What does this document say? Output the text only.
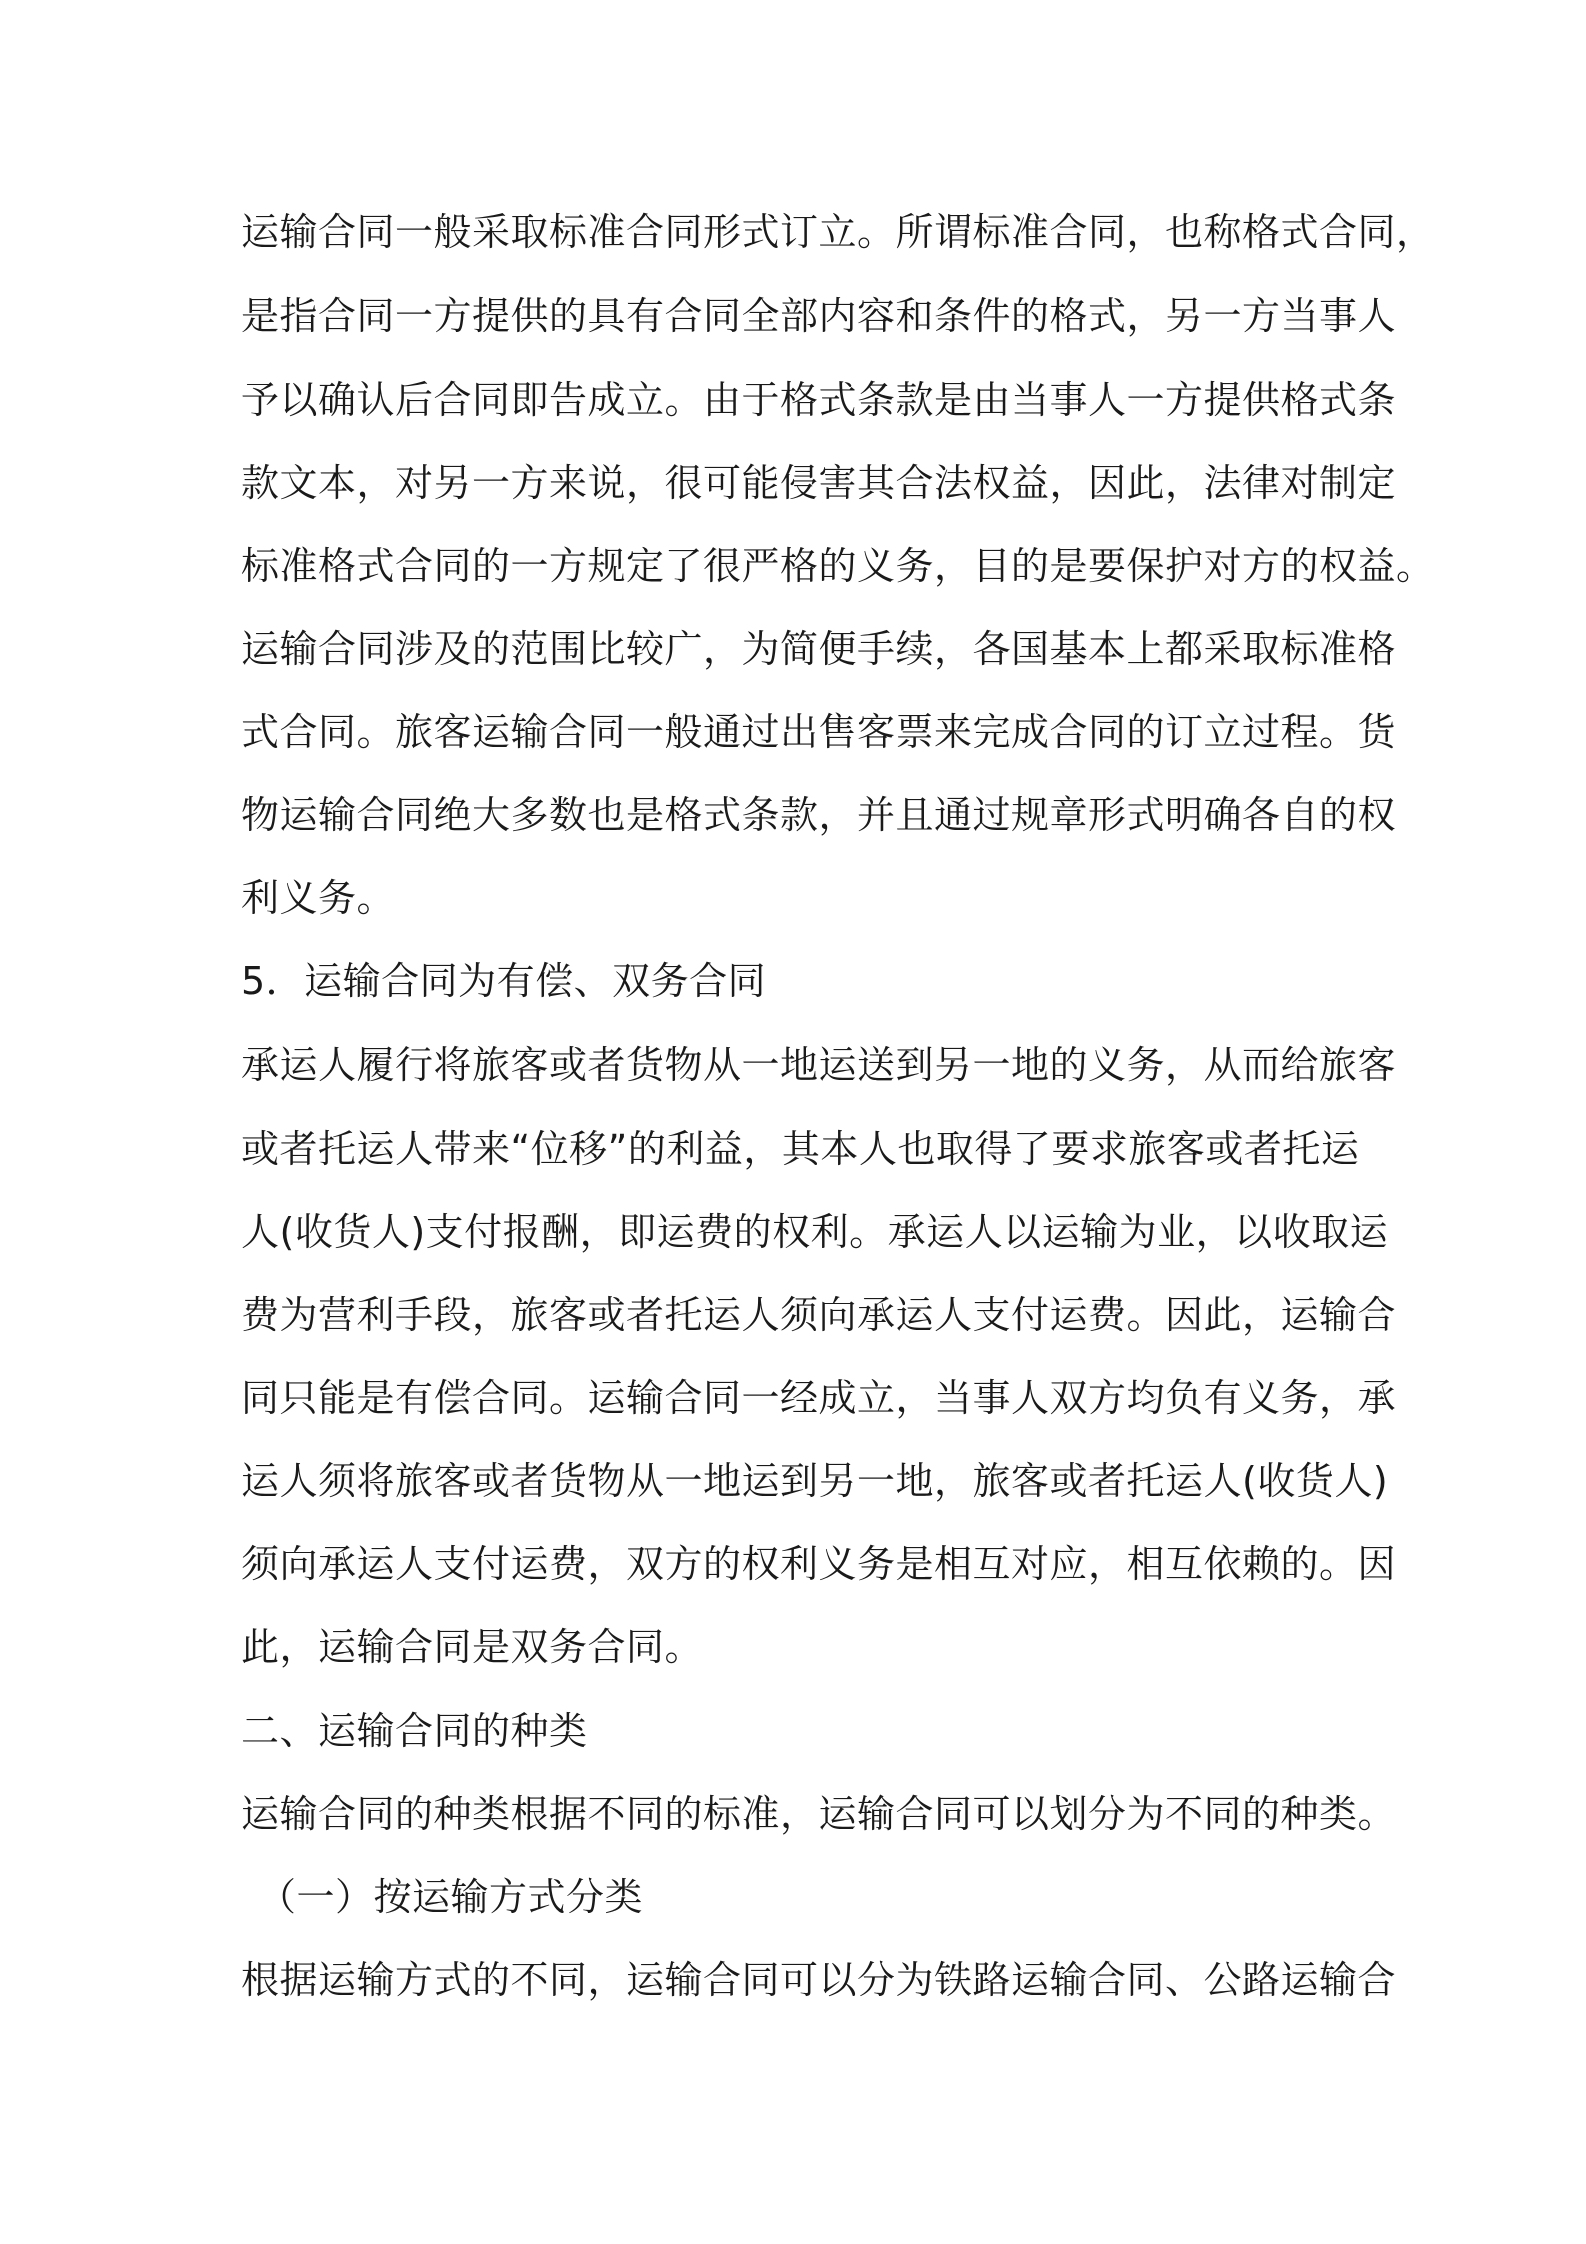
运输合同一般采取标准合同形式订立。所谓标准合同，也称格式合同，
是指合同一方提供的具有合同全部内容和条件的格式，另一方当事人
予以确认后合同即告成立。由于格式条款是由当事人一方提供格式条
款文本，对另一方来说，很可能侵害其合法权益，因此，法律对制定
标准格式合同的一方规定了很严格的义务，目的是要保护对方的权益。
运输合同涉及的范围比较广，为简便手续，各国基本上都采取标准格
式合同。旅客运输合同一般通过出售客票来完成合同的订立过程。货
物运输合同绝大多数也是格式条款，并且通过规章形式明确各自的权
利义务。
5．运输合同为有偿、双务合同
承运人履行将旅客或者货物从一地运送到另一地的义务，从而给旅客
或者托运人带来“位移”的利益，其本人也取得了要求旅客或者托运
人(收货人)支付报酬，即运费的权利。承运人以运输为业，以收取运
费为营利手段，旅客或者托运人须向承运人支付运费。因此，运输合
同只能是有偿合同。运输合同一经成立，当事人双方均负有义务，承
运人须将旅客或者货物从一地运到另一地，旅客或者托运人(收货人)
须向承运人支付运费，双方的权利义务是相互对应，相互依赖的。因
此，运输合同是双务合同。
二、运输合同的种类
运输合同的种类根据不同的标准，运输合同可以划分为不同的种类。
（一）按运输方式分类
根据运输方式的不同，运输合同可以分为铁路运输合同、公路运输合
